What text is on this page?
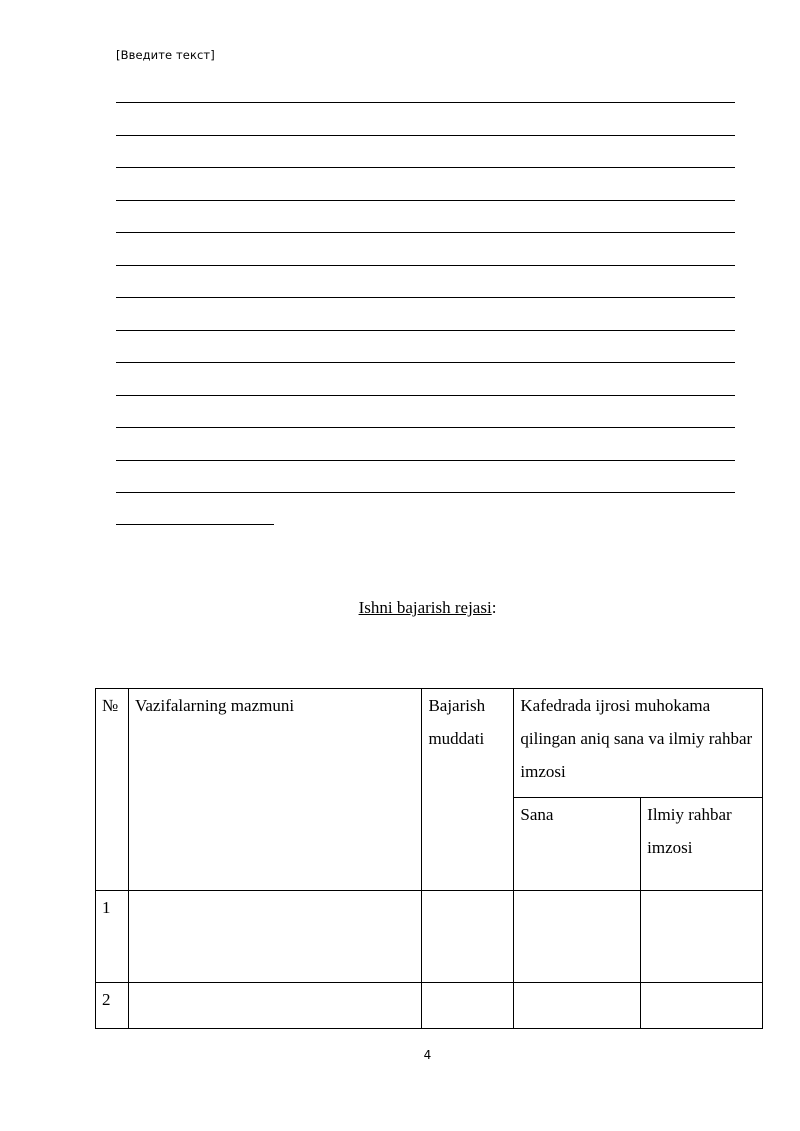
[Введите текст]
Ishni bajarish rejasi:
№	Vazifalarning mazmuni	Bajarish muddati	Kafedrada ijrosi muhokama qilingan aniq sana va ilmiy rahbar imzosi	
			Sana	Ilmiy rahbar imzosi
1				
2				
4
